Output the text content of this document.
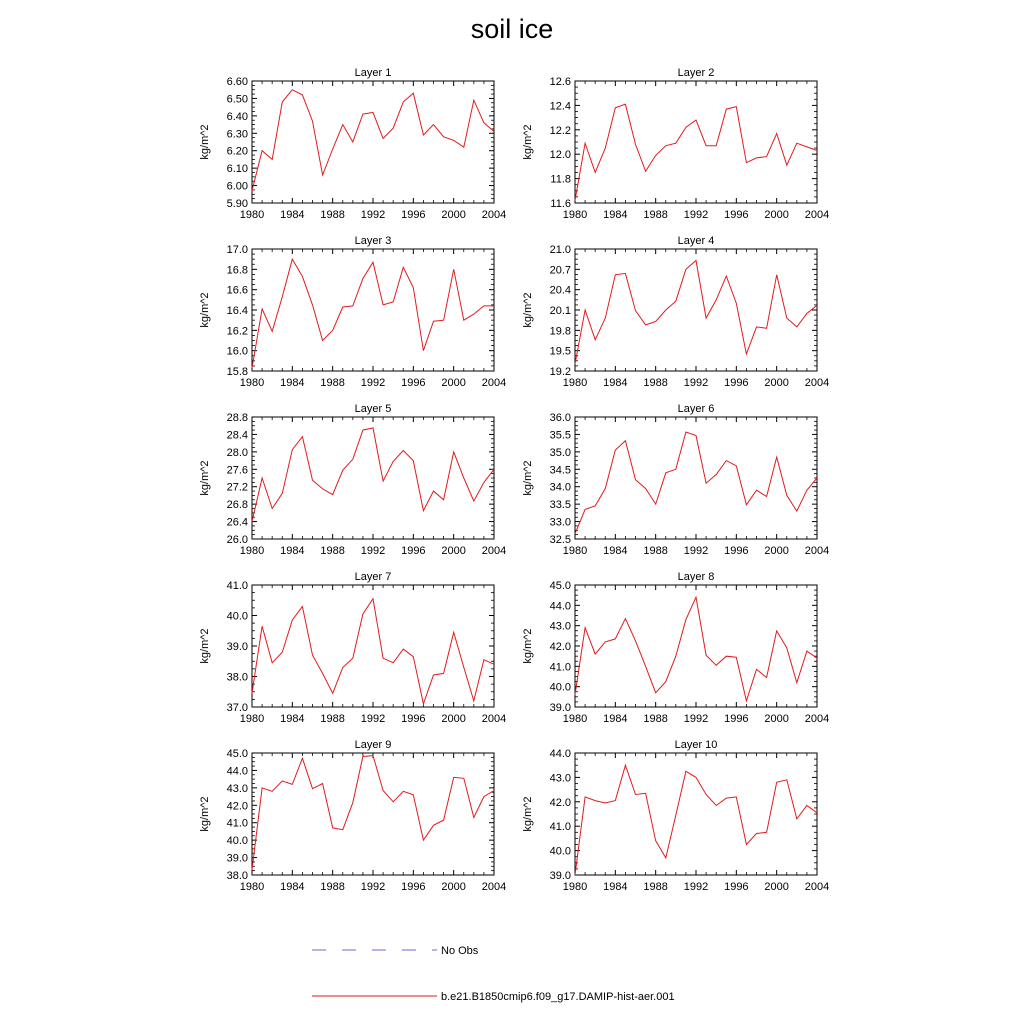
soil ice
Layer 1
5.90
6.00
6.10
6.20
6.30
6.40
6.50
6.60
1980 1984 1988 1992 1996 2000 2004
kg/m^2
Layer 2
11.6
11.8
12.0
12.2
12.4
12.6
1980 1984 1988 1992 1996 2000 2004
kg/m^2
Layer 3
15.8
16.0
16.2
16.4
16.6
16.8
17.0
1980 1984 1988 1992 1996 2000 2004
kg/m^2
Layer 4
19.2
19.5
19.8
20.1
20.4
20.7
21.0
1980 1984 1988 1992 1996 2000 2004
kg/m^2
Layer 5
26.0
26.4
26.8
27.2
27.6
28.0
28.4
28.8
1980 1984 1988 1992 1996 2000 2004
kg/m^2
Layer 6
32.5
33.0
33.5
34.0
34.5
35.0
35.5
36.0
1980 1984 1988 1992 1996 2000 2004
kg/m^2
Layer 7
37.0
38.0
39.0
40.0
41.0
1980 1984 1988 1992 1996 2000 2004
kg/m^2
Layer 8
39.0
40.0
41.0
42.0
43.0
44.0
45.0
1980 1984 1988 1992 1996 2000 2004
kg/m^2
Layer 9
38.0
39.0
40.0
41.0
42.0
43.0
44.0
45.0
1980 1984 1988 1992 1996 2000 2004
kg/m^2
Layer 10
39.0
40.0
41.0
42.0
43.0
44.0
1980 1984 1988 1992 1996 2000 2004
kg/m^2
No Obs
b.e21.B1850cmip6.f09_g17.DAMIP-hist-aer.001
